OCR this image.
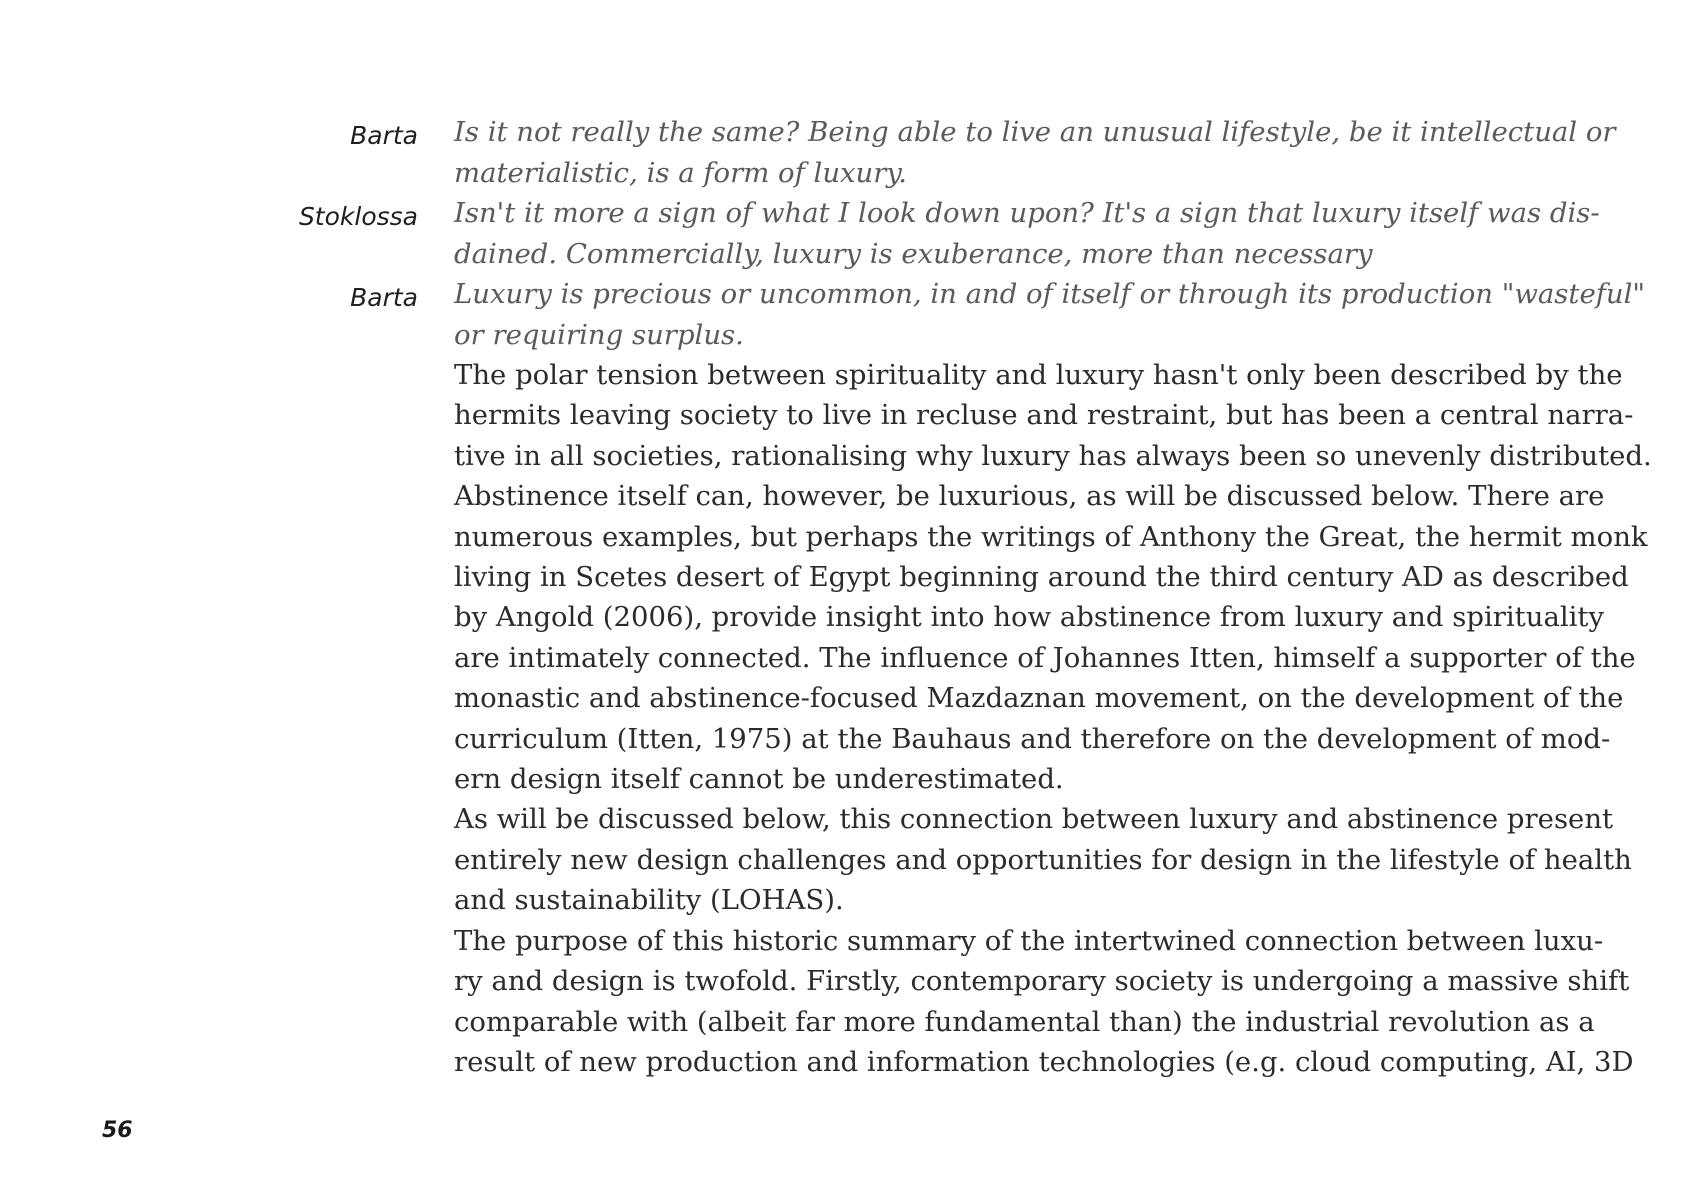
Barta Is it not really the same? Being able to live an unusual lifestyle, be it intellectual or
materialistic, is a form of luxury.

Stoklossa Isn't it more a sign of what I look down upon? It's a sign that luxury itself was dis-
dained. Commercially, luxury is exuberance, more than necessary

Barta Luxury is precious or uncommon, in and of itself or through its production "wasteful"
or requiring surplus.

The polar tension between spirituality and luxury hasn't only been described by the
hermits leaving society to live in recluse and restraint, but has been a central narra-
tive in all societies, rationalising why luxury has always been so unevenly distributed.
Abstinence itself can, however, be luxurious, as will be discussed below. There are
numerous examples, but perhaps the writings of Anthony the Great, the hermit monk
living in Scetes desert of Egypt beginning around the third century AD as described
by Angold (2006), provide insight into how abstinence from luxury and spirituality
are intimately connected. The influence of Johannes Itten, himself a supporter of the
monastic and abstinence-focused Mazdaznan movement, on the development of the
curriculum (Itten, 1975) at the Bauhaus and therefore on the development of mod-
ern design itself cannot be underestimated.

As will be discussed below, this connection between luxury and abstinence present
entirely new design challenges and opportunities for design in the lifestyle of health
and sustainability (LOHAS).

The purpose of this historic summary of the intertwined connection between luxu-
ry and design is twofold. Firstly, contemporary society is undergoing a massive shift
comparable with (albeit far more fundamental than) the industrial revolution as a
result of new production and information technologies (e.g. cloud computing, AI, 3D

56
